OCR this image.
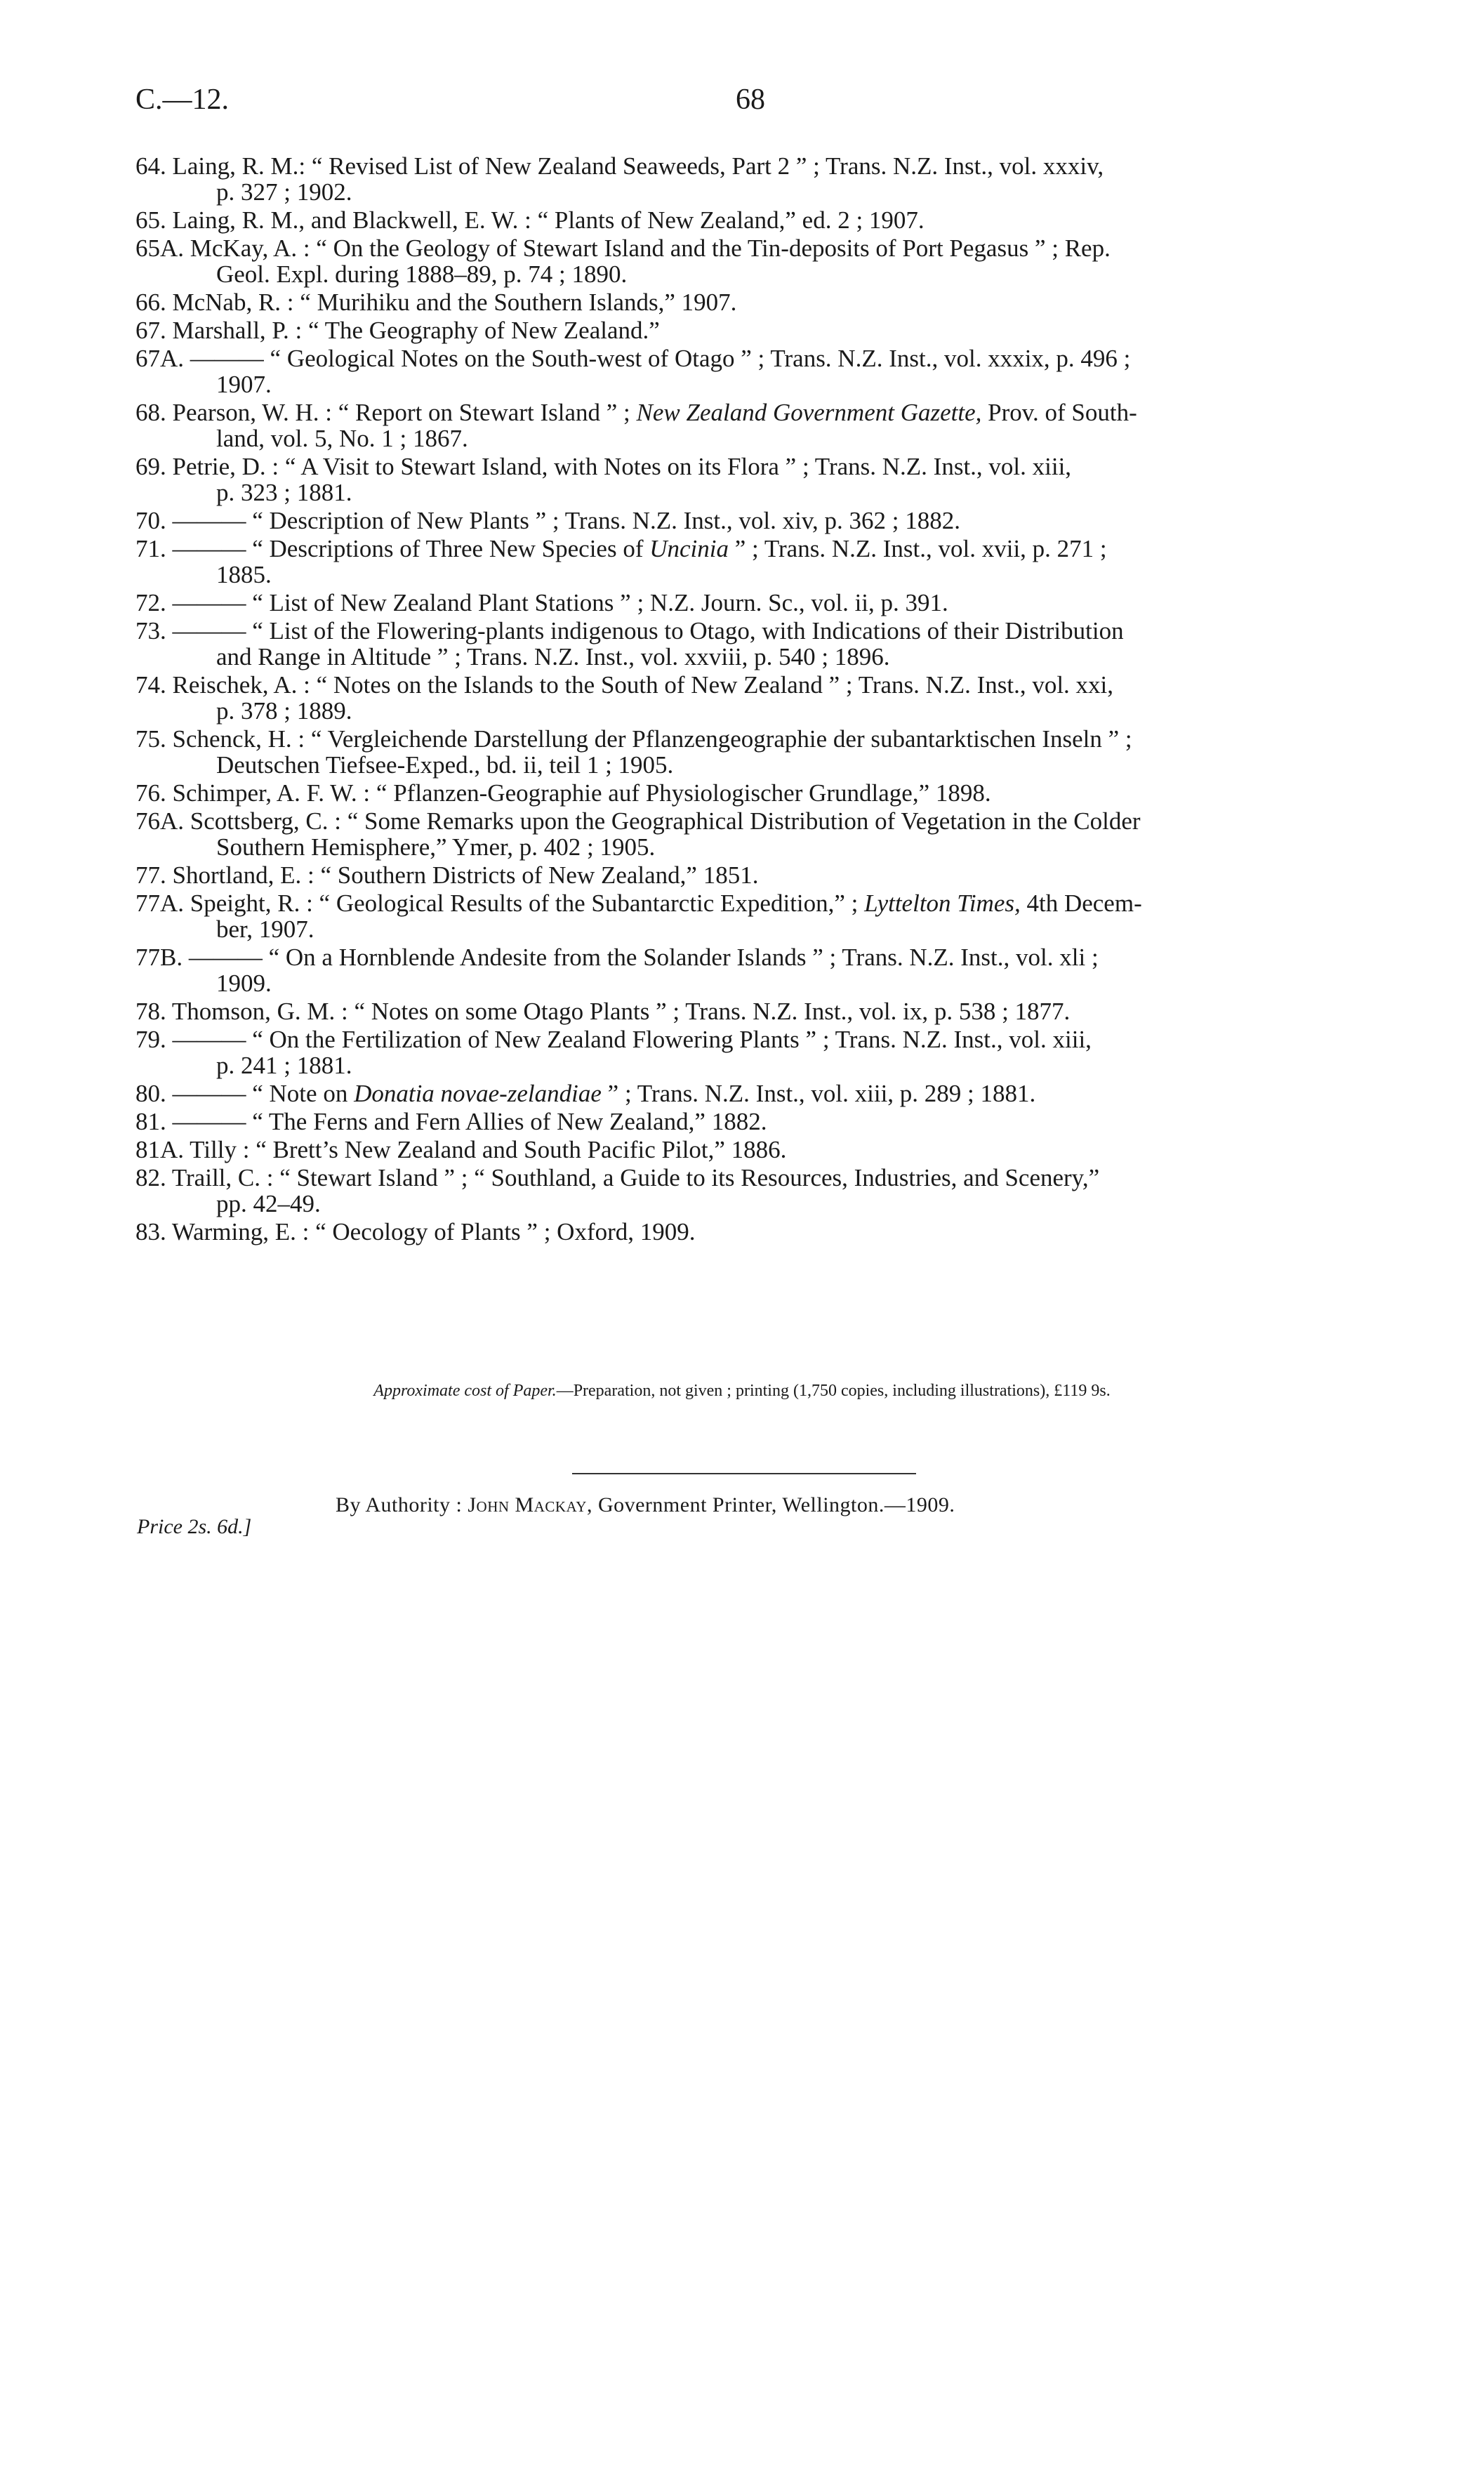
C.—12.	68
64. Laing, R. M.: “ Revised List of New Zealand Seaweeds, Part 2 ” ; Trans. N.Z. Inst., vol. xxxiv,
p. 327 ; 1902.
65. Laing, R. M., and Blackwell, E. W. : “ Plants of New Zealand,” ed. 2 ; 1907.
65A. McKay, A. : “ On the Geology of Stewart Island and the Tin-deposits of Port Pegasus ” ; Rep.
Geol. Expl. during 1888–89, p. 74 ; 1890.
66. McNab, R. : “ Murihiku and the Southern Islands,” 1907.
67. Marshall, P. : “ The Geography of New Zealand.”
67A. ——— “ Geological Notes on the South-west of Otago ” ; Trans. N.Z. Inst., vol. xxxix, p. 496 ;
1907.
68. Pearson, W. H. : “ Report on Stewart Island ” ; New Zealand Government Gazette, Prov. of South-
land, vol. 5, No. 1 ; 1867.
69. Petrie, D. : “ A Visit to Stewart Island, with Notes on its Flora ” ; Trans. N.Z. Inst., vol. xiii,
p. 323 ; 1881.
70. ——— “ Description of New Plants ” ; Trans. N.Z. Inst., vol. xiv, p. 362 ; 1882.
71. ——— “ Descriptions of Three New Species of Uncinia ” ; Trans. N.Z. Inst., vol. xvii, p. 271 ;
1885.
72. ——— “ List of New Zealand Plant Stations ” ; N.Z. Journ. Sc., vol. ii, p. 391.
73. ——— “ List of the Flowering-plants indigenous to Otago, with Indications of their Distribution
and Range in Altitude ” ; Trans. N.Z. Inst., vol. xxviii, p. 540 ; 1896.
74. Reischek, A. : “ Notes on the Islands to the South of New Zealand ” ; Trans. N.Z. Inst., vol. xxi,
p. 378 ; 1889.
75. Schenck, H. : “ Vergleichende Darstellung der Pflanzengeographie der subantarktischen Inseln ” ;
Deutschen Tiefsee-Exped., bd. ii, teil 1 ; 1905.
76. Schimper, A. F. W. : “ Pflanzen-Geographie auf Physiologischer Grundlage,” 1898.
76A. Scottsberg, C. : “ Some Remarks upon the Geographical Distribution of Vegetation in the Colder
Southern Hemisphere,” Ymer, p. 402 ; 1905.
77. Shortland, E. : “ Southern Districts of New Zealand,” 1851.
77A. Speight, R. : “ Geological Results of the Subantarctic Expedition,” ; Lyttelton Times, 4th Decem-
ber, 1907.
77B. ——— “ On a Hornblende Andesite from the Solander Islands ” ; Trans. N.Z. Inst., vol. xli ;
1909.
78. Thomson, G. M. : “ Notes on some Otago Plants ” ; Trans. N.Z. Inst., vol. ix, p. 538 ; 1877.
79. ——— “ On the Fertilization of New Zealand Flowering Plants ” ; Trans. N.Z. Inst., vol. xiii,
p. 241 ; 1881.
80. ——— “ Note on Donatia novae-zelandiae ” ; Trans. N.Z. Inst., vol. xiii, p. 289 ; 1881.
81. ——— “ The Ferns and Fern Allies of New Zealand,” 1882.
81A. Tilly : “ Brett’s New Zealand and South Pacific Pilot,” 1886.
82. Traill, C. : “ Stewart Island ” ; “ Southland, a Guide to its Resources, Industries, and Scenery,”
pp. 42–49.
83. Warming, E. : “ Oecology of Plants ” ; Oxford, 1909.
Approximate cost of Paper.—Preparation, not given ; printing (1,750 copies, including illustrations), £119 9s.
By Authority : John Mackay, Government Printer, Wellington.—1909.
Price 2s. 6d.]
